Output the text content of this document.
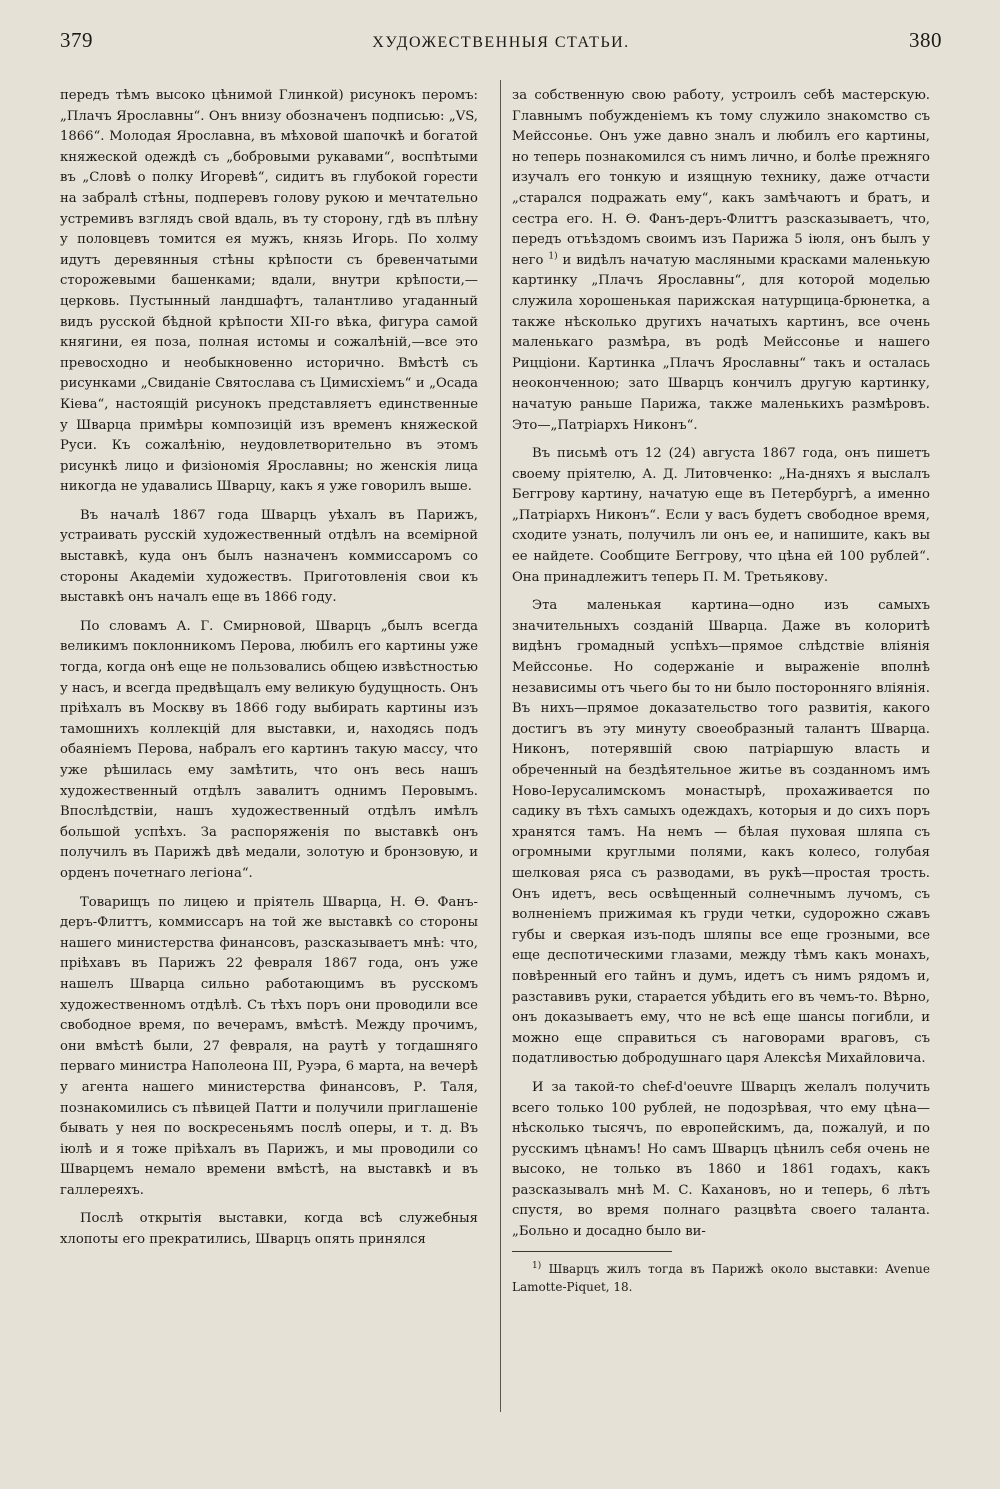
379	ХУДОЖЕСТВЕННЫЯ СТАТЬИ.	380

передъ тѣмъ высоко цѣнимой Глинкой) рисунокъ перомъ: „Плачъ Ярославны“. Онъ внизу обозначенъ подписью: „VS, 1866“. Молодая Ярославна, въ мѣховой шапочкѣ и богатой княжеской одеждѣ съ „бобровыми рукавами“, воспѣтыми въ „Словѣ о полку Игоревѣ“, сидитъ въ глубокой горести на забралѣ стѣны, подперевъ голову рукою и мечтательно устремивъ взглядъ свой вдаль, въ ту сторону, гдѣ въ плѣну у половцевъ томится ея мужъ, князь Игорь. По холму идутъ деревянныя стѣны крѣпости съ бревенчатыми сторожевыми башенками; вдали, внутри крѣпости,—церковь. Пустынный ландшафтъ, талантливо угаданный видъ русской бѣдной крѣпости XII-го вѣка, фигура самой княгини, ея поза, полная истомы и сожалѣній,—все это превосходно и необыкновенно исторично. Вмѣстѣ съ рисунками „Свиданіе Святослава съ Цимисхіемъ“ и „Осада Кіева“, настоящій рисунокъ представляетъ единственные у Шварца примѣры композицій изъ временъ княжеской Руси. Къ сожалѣнію, неудовлетворительно въ этомъ рисункѣ лицо и физіономія Ярославны; но женскія лица никогда не удавались Шварцу, какъ я уже говорилъ выше.

Въ началѣ 1867 года Шварцъ уѣхалъ въ Парижъ, устраивать русскій художественный отдѣлъ на всемірной выставкѣ, куда онъ былъ назначенъ коммиссаромъ со стороны Академіи художествъ. Приготовленія свои къ выставкѣ онъ началъ еще въ 1866 году.

По словамъ А. Г. Смирновой, Шварцъ „былъ всегда великимъ поклонникомъ Перова, любилъ его картины уже тогда, когда онѣ еще не пользовались общею извѣстностью у насъ, и всегда предвѣщалъ ему великую будущность. Онъ пріѣхалъ въ Москву въ 1866 году выбирать картины изъ тамошнихъ коллекцій для выставки, и, находясь подъ обаяніемъ Перова, набралъ его картинъ такую массу, что уже рѣшилась ему замѣтить, что онъ весь нашъ художественный отдѣлъ завалитъ однимъ Перовымъ. Впослѣдствіи, нашъ художественный отдѣлъ имѣлъ большой успѣхъ. За распоряженія по выставкѣ онъ получилъ въ Парижѣ двѣ медали, золотую и бронзовую, и орденъ почетнаго легіона“.

Товарищъ по лицею и пріятель Шварца, Н. Ѳ. Фанъ-деръ-Флиттъ, коммиссаръ на той же выставкѣ со стороны нашего министерства финансовъ, разсказываетъ мнѣ: что, пріѣхавъ въ Парижъ 22 февраля 1867 года, онъ уже нашелъ Шварца сильно работающимъ въ русскомъ художественномъ отдѣлѣ. Съ тѣхъ поръ они проводили все свободное время, по вечерамъ, вмѣстѣ. Между прочимъ, они вмѣстѣ были, 27 февраля, на раутѣ у тогдашняго перваго министра Наполеона III, Руэра, 6 марта, на вечерѣ у агента нашего министерства финансовъ, Р. Таля, познакомились съ пѣвицей Патти и получили приглашеніе бывать у нея по воскресеньямъ послѣ оперы, и т. д. Въ іюлѣ и я тоже пріѣхалъ въ Парижъ, и мы проводили со Шварцемъ немало времени вмѣстѣ, на выставкѣ и въ галлереяхъ.

Послѣ открытія выставки, когда всѣ служебныя хлопоты его прекратились, Шварцъ опять принялся

за собственную свою работу, устроилъ себѣ мастерскую. Главнымъ побужденіемъ къ тому служило знакомство съ Мейссонье. Онъ уже давно зналъ и любилъ его картины, но теперь познакомился съ нимъ лично, и болѣе прежняго изучалъ его тонкую и изящную технику, даже отчасти „старался подражать ему“, какъ замѣчаютъ и братъ, и сестра его. Н. Ѳ. Фанъ-деръ-Флиттъ разсказываетъ, что, передъ отъѣздомъ своимъ изъ Парижа 5 іюля, онъ былъ у него $^{1)}$ и видѣлъ начатую масляными красками маленькую картинку „Плачъ Ярославны“, для которой моделью служила хорошенькая парижская натурщица-брюнетка, а также нѣсколько другихъ начатыхъ картинъ, все очень маленькаго размѣра, въ родѣ Мейссонье и нашего Рицціони. Картинка „Плачъ Ярославны“ такъ и осталась неоконченною; зато Шварцъ кончилъ другую картинку, начатую раньше Парижа, также маленькихъ размѣровъ. Это—„Патріархъ Никонъ“.

Въ письмѣ отъ 12 (24) августа 1867 года, онъ пишетъ своему пріятелю, А. Д. Литовченко: „На-дняхъ я выслалъ Беггрову картину, начатую еще въ Петербургѣ, а именно „Патріархъ Никонъ“. Если у васъ будетъ свободное время, сходите узнать, получилъ ли онъ ее, и напишите, какъ вы ее найдете. Сообщите Беггрову, что цѣна ей 100 рублей“. Она принадлежитъ теперь П. М. Третьякову.

Эта маленькая картина—одно изъ самыхъ значительныхъ созданій Шварца. Даже въ колоритѣ видѣнъ громадный успѣхъ—прямое слѣдствіе вліянія Мейссонье. Но содержаніе и выраженіе вполнѣ независимы отъ чьего бы то ни было посторонняго вліянія. Въ нихъ—прямое доказательство того развитія, какого достигъ въ эту минуту своеобразный талантъ Шварца. Никонъ, потерявшій свою патріаршую власть и обреченный на бездѣятельное житье въ созданномъ имъ Ново-Іерусалимскомъ монастырѣ, прохаживается по садику въ тѣхъ самыхъ одеждахъ, которыя и до сихъ поръ хранятся тамъ. На немъ — бѣлая пуховая шляпа съ огромными круглыми полями, какъ колесо, голубая шелковая ряса съ разводами, въ рукѣ—простая трость. Онъ идетъ, весь освѣщенный солнечнымъ лучомъ, съ волненіемъ прижимая къ груди четки, судорожно сжавъ губы и сверкая изъ-подъ шляпы все еще грозными, все еще деспотическими глазами, между тѣмъ какъ монахъ, повѣренный его тайнъ и думъ, идетъ съ нимъ рядомъ и, разставивъ руки, старается убѣдить его въ чемъ-то. Вѣрно, онъ доказываетъ ему, что не всѣ еще шансы погибли, и можно еще справиться съ наговорами враговъ, съ податливостью добродушнаго царя Алексѣя Михайловича.

И за такой-то chef-d'oeuvre Шварцъ желалъ получить всего только 100 рублей, не подозрѣвая, что ему цѣна—нѣсколько тысячъ, по европейскимъ, да, пожалуй, и по русскимъ цѣнамъ! Но самъ Шварцъ цѣнилъ себя очень не высоко, не только въ 1860 и 1861 годахъ, какъ разсказывалъ мнѣ М. С. Кахановъ, но и теперь, 6 лѣтъ спустя, во время полнаго разцвѣта своего таланта. „Больно и досадно было ви-

$^{1)}$ Шварцъ жилъ тогда въ Парижѣ около выставки: Avenue Lamotte-Piquet, 18.
